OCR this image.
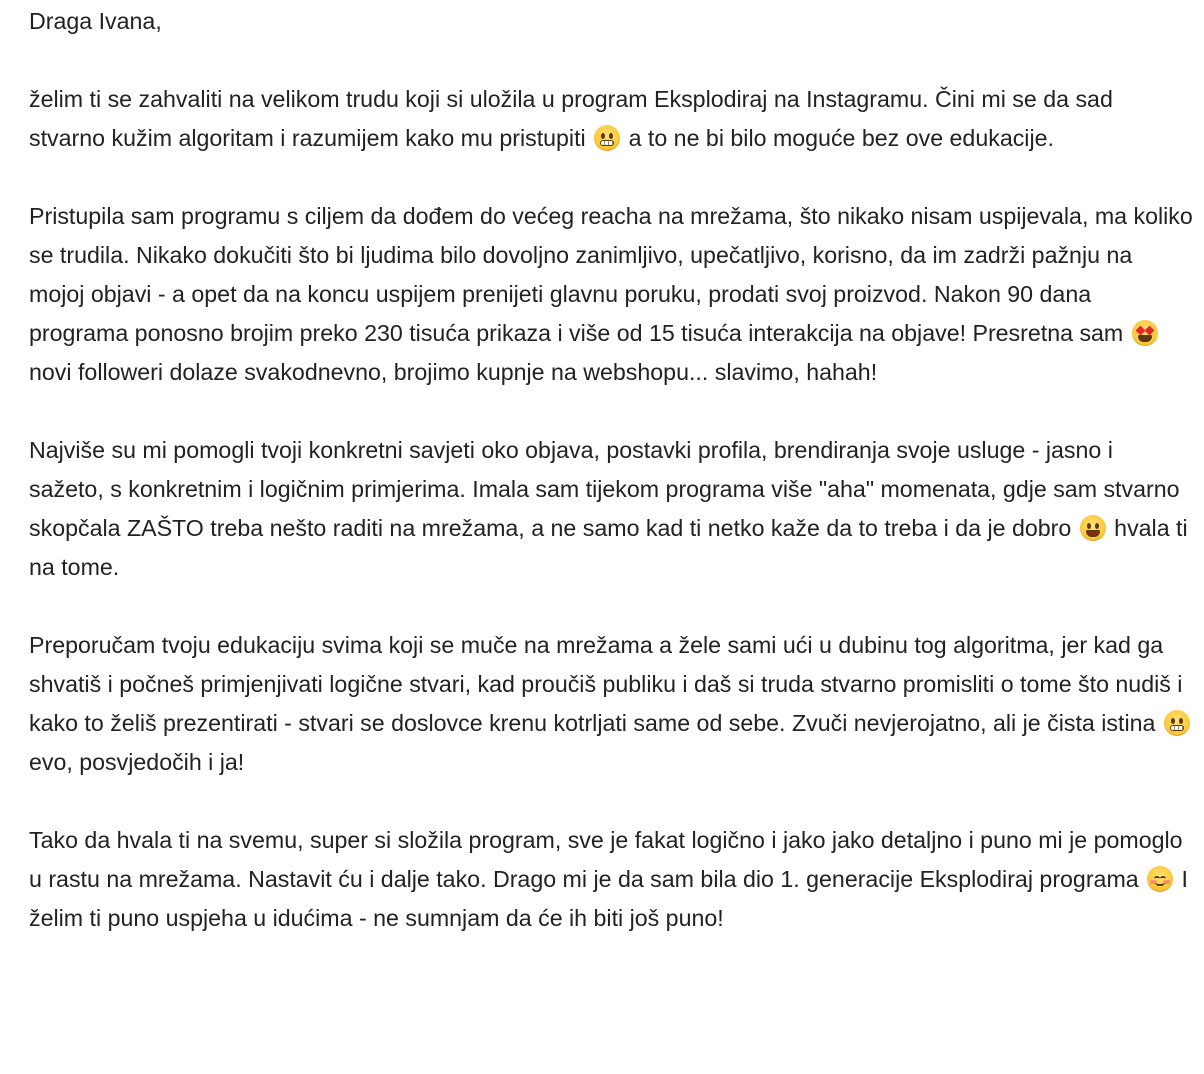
Draga Ivana,

želim ti se zahvaliti na velikom trudu koji si uložila u program Eksplodiraj na Instagramu. Čini mi se da sad stvarno kužim algoritam i razumijem kako mu pristupiti
a to ne bi bilo moguće bez ove edukacije.

Pristupila sam programu s ciljem da dođem do većeg reacha na mrežama, što nikako nisam uspijevala, ma koliko se trudila. Nikako dokučiti što bi ljudima bilo dovoljno zanimljivo, upečatljivo, korisno, da im zadrži pažnju na mojoj objavi - a opet da na koncu uspijem prenijeti glavnu poruku, prodati svoj proizvod. Nakon 90 dana programa ponosno brojim preko 230 tisuća prikaza i više od 15 tisuća interakcija na objave! Presretna sam
novi followeri dolaze svakodnevno, brojimo kupnje na webshopu... slavimo, hahah!

Najviše su mi pomogli tvoji konkretni savjeti oko objava, postavki profila, brendiranja svoje usluge - jasno i sažeto, s konkretnim i logičnim primjerima. Imala sam tijekom programa više "aha" momenata, gdje sam stvarno skopčala ZAŠTO treba nešto raditi na mrežama, a ne samo kad ti netko kaže da to treba i da je dobro
hvala ti na tome.

Preporučam tvoju edukaciju svima koji se muče na mrežama a žele sami ući u dubinu tog algoritma, jer kad ga shvatiš i počneš primjenjivati logične stvari, kad proučiš publiku i daš si truda stvarno promisliti o tome što nudiš i kako to želiš prezentirati - stvari se doslovce krenu kotrljati same od sebe. Zvuči nevjerojatno, ali je čista istina
evo, posvjedočih i ja!

Tako da hvala ti na svemu, super si složila program, sve je fakat logično i jako jako detaljno i puno mi je pomoglo u rastu na mrežama. Nastavit ću i dalje tako. Drago mi je da sam bila dio 1. generacije Eksplodiraj programa
I želim ti puno uspjeha u idućima - ne sumnjam da će ih biti još puno!
